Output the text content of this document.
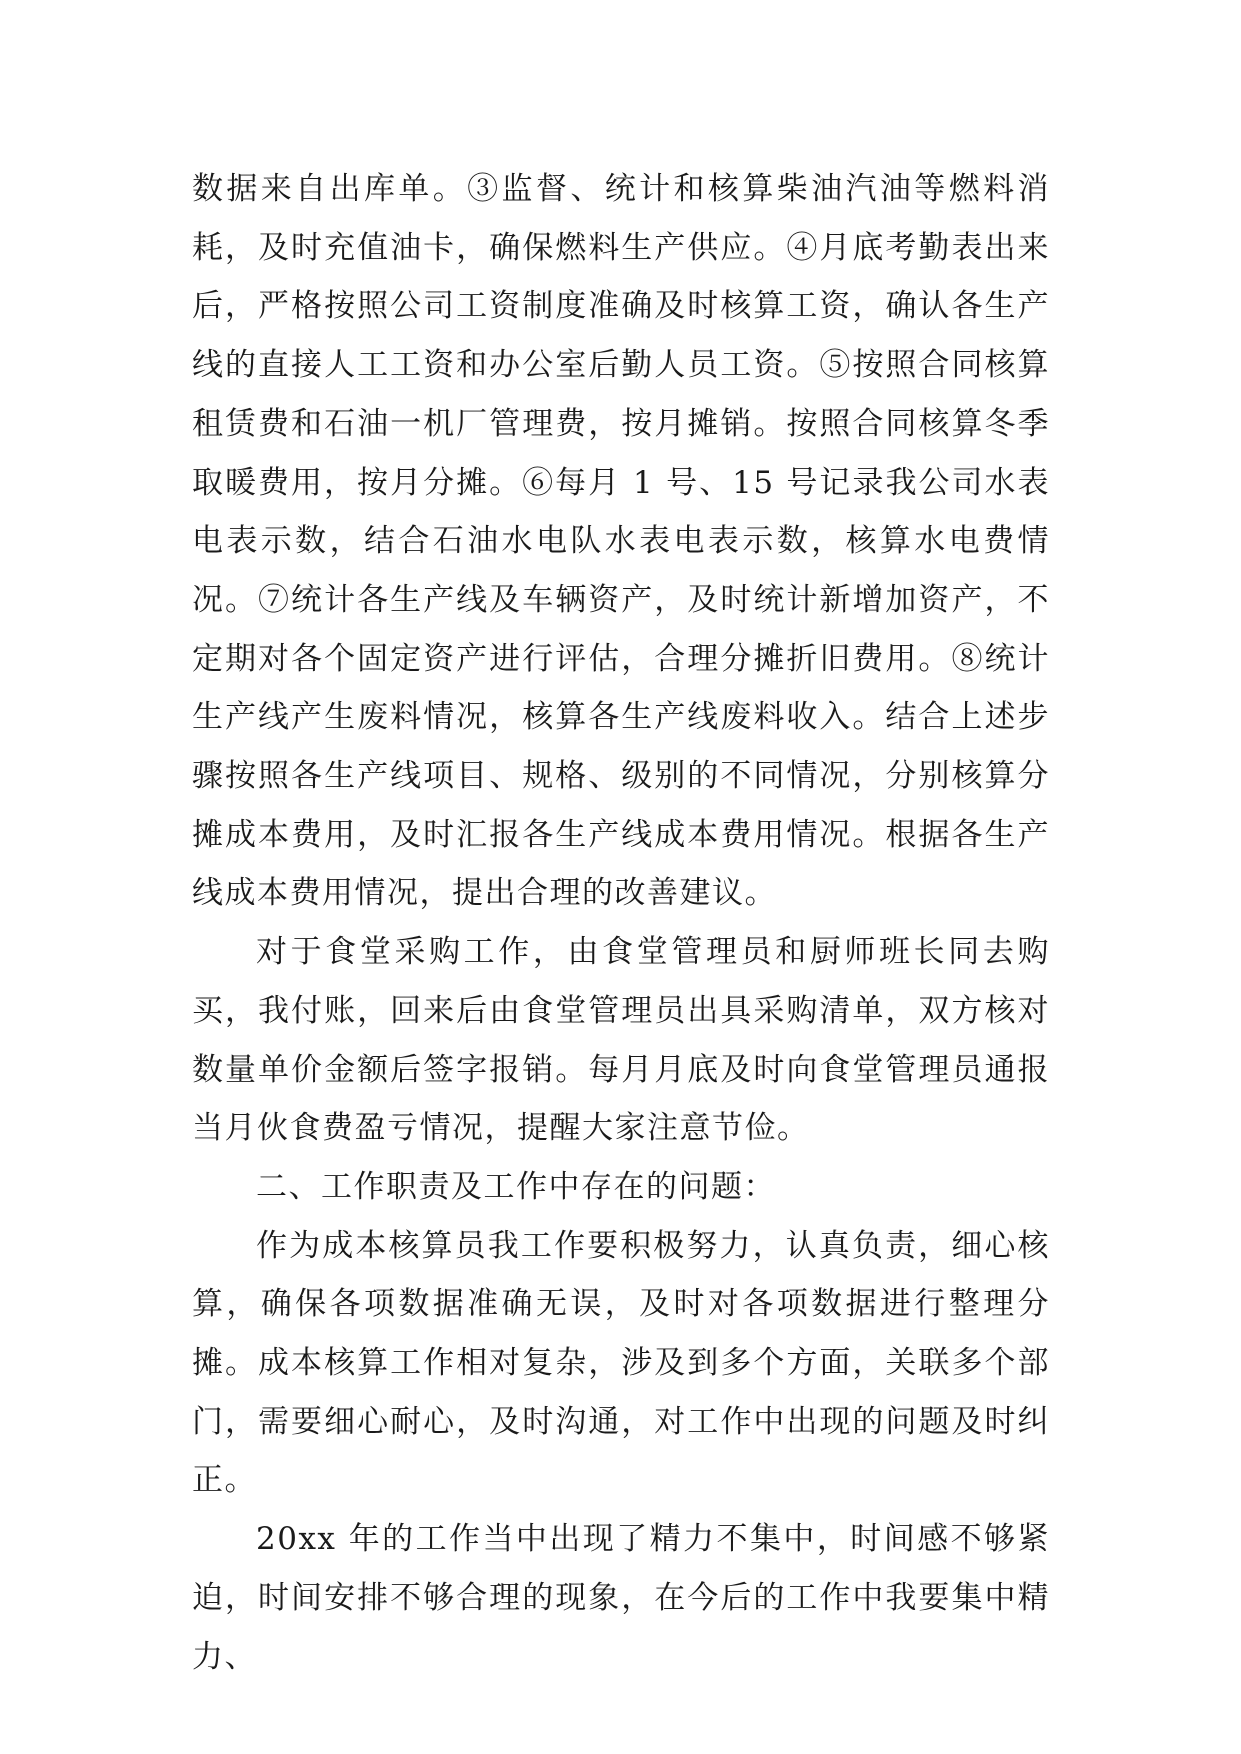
数据来自出库单。③监督、统计和核算柴油汽油等燃料消耗，及时充值油卡，确保燃料生产供应。④月底考勤表出来后，严格按照公司工资制度准确及时核算工资，确认各生产线的直接人工工资和办公室后勤人员工资。⑤按照合同核算租赁费和石油一机厂管理费，按月摊销。按照合同核算冬季取暖费用，按月分摊。⑥每月 1 号、15 号记录我公司水表电表示数，结合石油水电队水表电表示数，核算水电费情况。⑦统计各生产线及车辆资产，及时统计新增加资产，不定期对各个固定资产进行评估，合理分摊折旧费用。⑧统计生产线产生废料情况，核算各生产线废料收入。结合上述步骤按照各生产线项目、规格、级别的不同情况，分别核算分摊成本费用，及时汇报各生产线成本费用情况。根据各生产线成本费用情况，提出合理的改善建议。

对于食堂采购工作，由食堂管理员和厨师班长同去购买，我付账，回来后由食堂管理员出具采购清单，双方核对数量单价金额后签字报销。每月月底及时向食堂管理员通报当月伙食费盈亏情况，提醒大家注意节俭。

二、工作职责及工作中存在的问题：

作为成本核算员我工作要积极努力，认真负责，细心核算，确保各项数据准确无误，及时对各项数据进行整理分摊。成本核算工作相对复杂，涉及到多个方面，关联多个部门，需要细心耐心，及时沟通，对工作中出现的问题及时纠正。

20xx 年的工作当中出现了精力不集中，时间感不够紧迫，时间安排不够合理的现象，在今后的工作中我要集中精力、
